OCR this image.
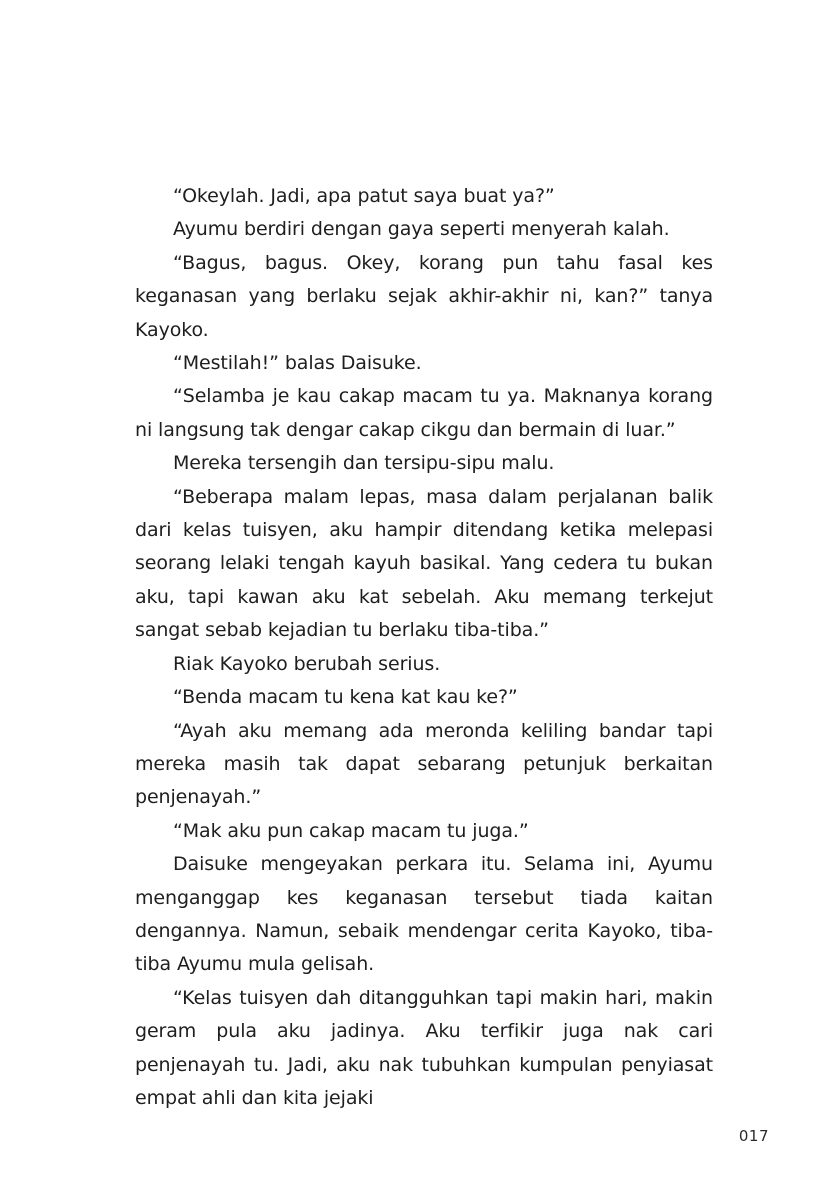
“Okeylah. Jadi, apa patut saya buat ya?”

Ayumu berdiri dengan gaya seperti menyerah kalah.

“Bagus, bagus. Okey, korang pun tahu fasal kes keganasan yang berlaku sejak akhir-akhir ni, kan?” tanya Kayoko.

“Mestilah!” balas Daisuke.

“Selamba je kau cakap macam tu ya. Maknanya korang ni langsung tak dengar cakap cikgu dan bermain di luar.”

Mereka tersengih dan tersipu-sipu malu.

“Beberapa malam lepas, masa dalam perjalanan balik dari kelas tuisyen, aku hampir ditendang ketika melepasi seorang lelaki tengah kayuh basikal. Yang cedera tu bukan aku, tapi kawan aku kat sebelah. Aku memang terkejut sangat sebab kejadian tu berlaku tiba-tiba.”

Riak Kayoko berubah serius.

“Benda macam tu kena kat kau ke?”

“Ayah aku memang ada meronda keliling bandar tapi mereka masih tak dapat sebarang petunjuk berkaitan penjenayah.”

“Mak aku pun cakap macam tu juga.”

Daisuke mengeyakan perkara itu. Selama ini, Ayumu menganggap kes keganasan tersebut tiada kaitan dengannya. Namun, sebaik mendengar cerita Kayoko, tiba-tiba Ayumu mula gelisah.

“Kelas tuisyen dah ditangguhkan tapi makin hari, makin geram pula aku jadinya. Aku terfikir juga nak cari penjenayah tu. Jadi, aku nak tubuhkan kumpulan penyiasat empat ahli dan kita jejaki

017
